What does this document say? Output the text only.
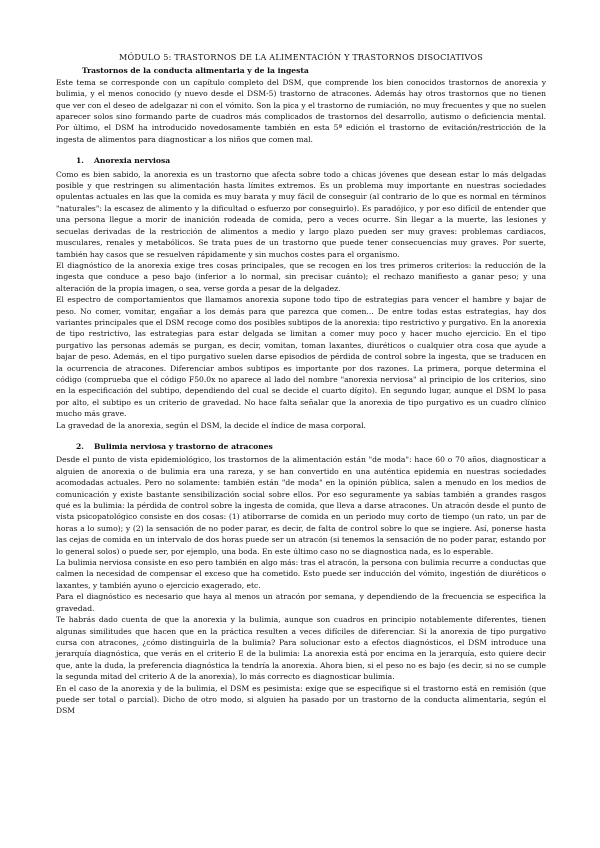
MÓDULO 5: TRASTORNOS DE LA ALIMENTACIÓN Y TRASTORNOS DISOCIATIVOS
Trastornos de la conducta alimentaria y de la ingesta

Este tema se corresponde con un capítulo completo del DSM, que comprende los bien conocidos trastornos de anorexia y bulimia, y el menos conocido (y nuevo desde el DSM-5) trastorno de atracones. Además hay otros trastornos que no tienen que ver con el deseo de adelgazar ni con el vómito. Son la pica y el trastorno de rumiación, no muy frecuentes y que no suelen aparecer solos sino formando parte de cuadros más complicados de trastornos del desarrollo, autismo o deficiencia mental. Por último, el DSM ha introducido novedosamente también en esta 5ª edición el trastorno de evitación/restricción de la ingesta de alimentos para diagnosticar a los niños que comen mal.

1. Anorexia nerviosa

Como es bien sabido, la anorexia es un trastorno que afecta sobre todo a chicas jóvenes que desean estar lo más delgadas posible y que restringen su alimentación hasta límites extremos. Es un problema muy importante en nuestras sociedades opulentas actuales en las que la comida es muy barata y muy fácil de conseguir (al contrario de lo que es normal en términos "naturales": la escasez de alimento y la dificultad o esfuerzo por conseguirlo). Es paradójico, y por eso difícil de entender que una persona llegue a morir de inanición rodeada de comida, pero a veces ocurre. Sin llegar a la muerte, las lesiones y secuelas derivadas de la restricción de alimentos a medio y largo plazo pueden ser muy graves: problemas cardiacos, musculares, renales y metabólicos. Se trata pues de un trastorno que puede tener consecuencias muy graves. Por suerte, también hay casos que se resuelven rápidamente y sin muchos costes para el organismo.

El diagnóstico de la anorexia exige tres cosas principales, que se recogen en los tres primeros criterios: la reducción de la ingesta que conduce a peso bajo (inferior a lo normal, sin precisar cuánto); el rechazo manifiesto a ganar peso; y una alteración de la propia imagen, o sea, verse gorda a pesar de la delgadez.

El espectro de comportamientos que llamamos anorexia supone todo tipo de estrategias para vencer el hambre y bajar de peso. No comer, vomitar, engañar a los demás para que parezca que comen... De entre todas estas estrategias, hay dos variantes principales que el DSM recoge como dos posibles subtipos de la anorexia: tipo restrictivo y purgativo. En la anorexia de tipo restrictivo, las estrategias para estar delgada se limitan a comer muy poco y hacer mucho ejercicio. En el tipo purgativo las personas además se purgan, es decir, vomitan, toman laxantes, diuréticos o cualquier otra cosa que ayude a bajar de peso. Además, en el tipo purgativo suelen darse episodios de pérdida de control sobre la ingesta, que se traducen en la ocurrencia de atracones. Diferenciar ambos subtipos es importante por dos razones. La primera, porque determina el código (comprueba que el código F50.0x no aparece al lado del nombre "anorexia nerviosa" al principio de los criterios, sino en la especificación del subtipo, dependiendo del cual se decide el cuarto dígito). En segundo lugar, aunque el DSM lo pasa por alto, el subtipo es un criterio de gravedad. No hace falta señalar que la anorexia de tipo purgativo es un cuadro clínico mucho más grave.

La gravedad de la anorexia, según el DSM, la decide el índice de masa corporal.

2. Bulimia nerviosa y trastorno de atracones

Desde el punto de vista epidemiológico, los trastornos de la alimentación están "de moda": hace 60 o 70 años, diagnosticar a alguien de anorexia o de bulimia era una rareza, y se han convertido en una auténtica epidemia en nuestras sociedades acomodadas actuales. Pero no solamente: también están "de moda" en la opinión pública, salen a menudo en los medios de comunicación y existe bastante sensibilización social sobre ellos. Por eso seguramente ya sabías también a grandes rasgos qué es la bulimia: la pérdida de control sobre la ingesta de comida, que lleva a darse atracones. Un atracón desde el punto de vista psicopatológico consiste en dos cosas: (1) atiborrarse de comida en un periodo muy corto de tiempo (un rato, un par de horas a lo sumo); y (2) la sensación de no poder parar, es decir, de falta de control sobre lo que se ingiere. Así, ponerse hasta las cejas de comida en un intervalo de dos horas puede ser un atracón (si tenemos la sensación de no poder parar, estando por lo general solos) o puede ser, por ejemplo, una boda. En este último caso no se diagnostica nada, es lo esperable.

La bulimia nerviosa consiste en eso pero también en algo más: tras el atracón, la persona con bulimia recurre a conductas que calmen la necesidad de compensar el exceso que ha cometido. Esto puede ser inducción del vómito, ingestión de diuréticos o laxantes, y también ayuno o ejercicio exagerado, etc.

Para el diagnóstico es necesario que haya al menos un atracón por semana, y dependiendo de la frecuencia se especifica la gravedad.

Te habrás dado cuenta de que la anorexia y la bulimia, aunque son cuadros en principio notablemente diferentes, tienen algunas similitudes que hacen que en la práctica resulten a veces difíciles de diferenciar. Si la anorexia de tipo purgativo cursa con atracones, ¿cómo distinguirla de la bulimia? Para solucionar esto a efectos diagnósticos, el DSM introduce una jerarquía diagnóstica, que verás en el criterio E de la bulimia: La anorexia está por encima en la jerarquía, esto quiere decir que, ante la duda, la preferencia diagnóstica la tendría la anorexia. Ahora bien, si el peso no es bajo (es decir, si no se cumple la segunda mitad del criterio A de la anorexia), lo más correcto es diagnosticar bulimia.

En el caso de la anorexia y de la bulimia, el DSM es pesimista: exige que se especifique si el trastorno está en remisión (que puede ser total o parcial). Dicho de otro modo, si alguien ha pasado por un trastorno de la conducta alimentaria, según el DSM
